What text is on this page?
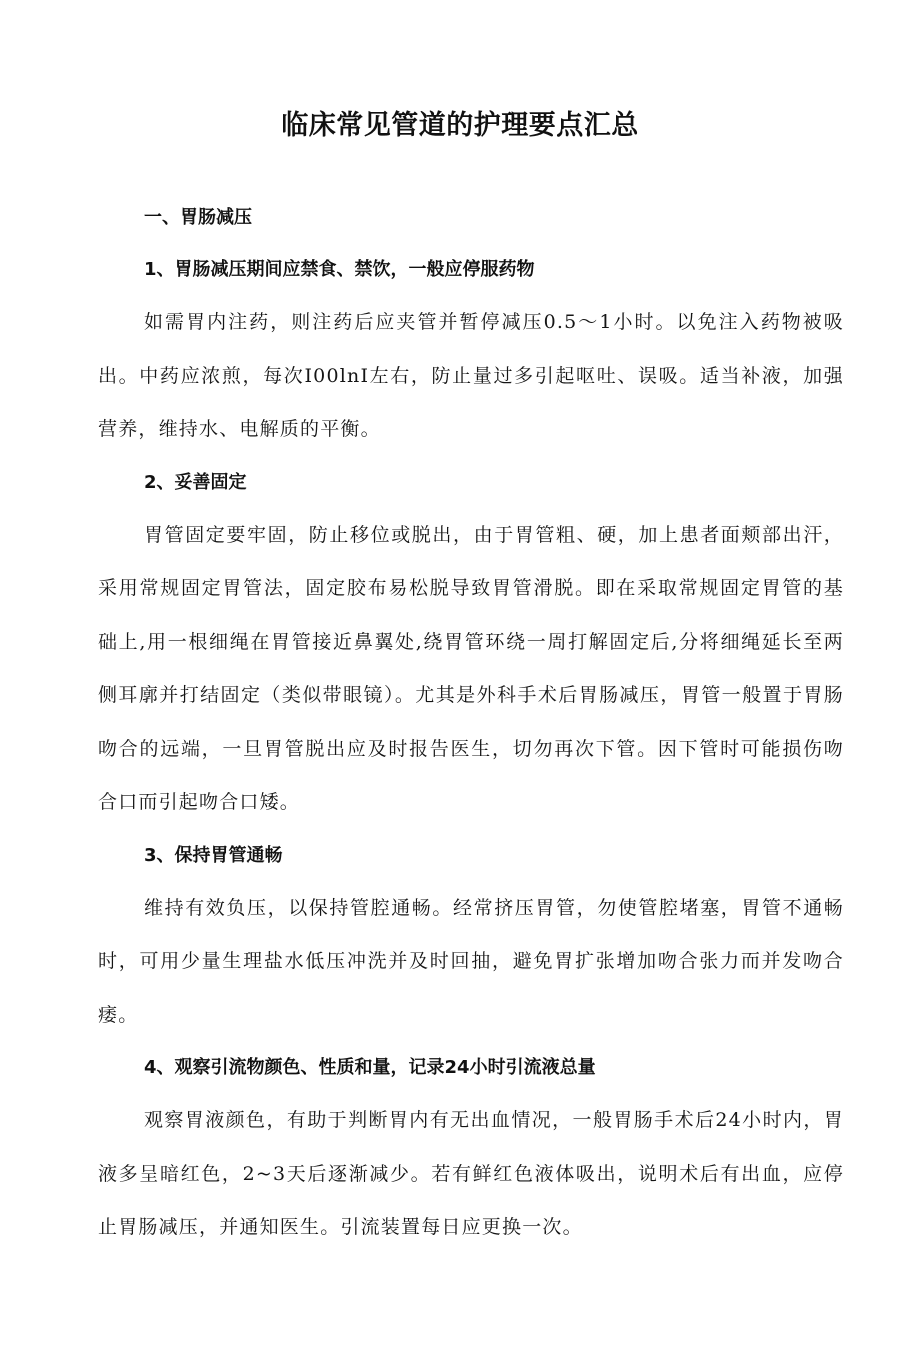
临床常见管道的护理要点汇总
一、胃肠减压
1、胃肠减压期间应禁食、禁饮，一般应停服药物

如需胃内注药，则注药后应夹管并暂停减压0.5～1小时。以免注入药物被吸出。中药应浓煎，每次I00lnI左右，防止量过多引起呕吐、误吸。适当补液，加强营养，维持水、电解质的平衡。

2、妥善固定

胃管固定要牢固，防止移位或脱出，由于胃管粗、硬，加上患者面颊部出汗，采用常规固定胃管法，固定胶布易松脱导致胃管滑脱。即在采取常规固定胃管的基础上,用一根细绳在胃管接近鼻翼处,绕胃管环绕一周打解固定后,分将细绳延长至两侧耳廓并打结固定（类似带眼镜）。尤其是外科手术后胃肠减压，胃管一般置于胃肠吻合的远端，一旦胃管脱出应及时报告医生，切勿再次下管。因下管时可能损伤吻合口而引起吻合口矮。

3、保持胃管通畅

维持有效负压，以保持管腔通畅。经常挤压胃管，勿使管腔堵塞，胃管不通畅时，可用少量生理盐水低压冲洗并及时回抽，避免胃扩张增加吻合张力而并发吻合痿。

4、观察引流物颜色、性质和量，记录24小时引流液总量

观察胃液颜色，有助于判断胃内有无出血情况，一般胃肠手术后24小时内，胃液多呈暗红色，2~3天后逐渐减少。若有鲜红色液体吸出，说明术后有出血，应停止胃肠减压，并通知医生。引流装置每日应更换一次。
